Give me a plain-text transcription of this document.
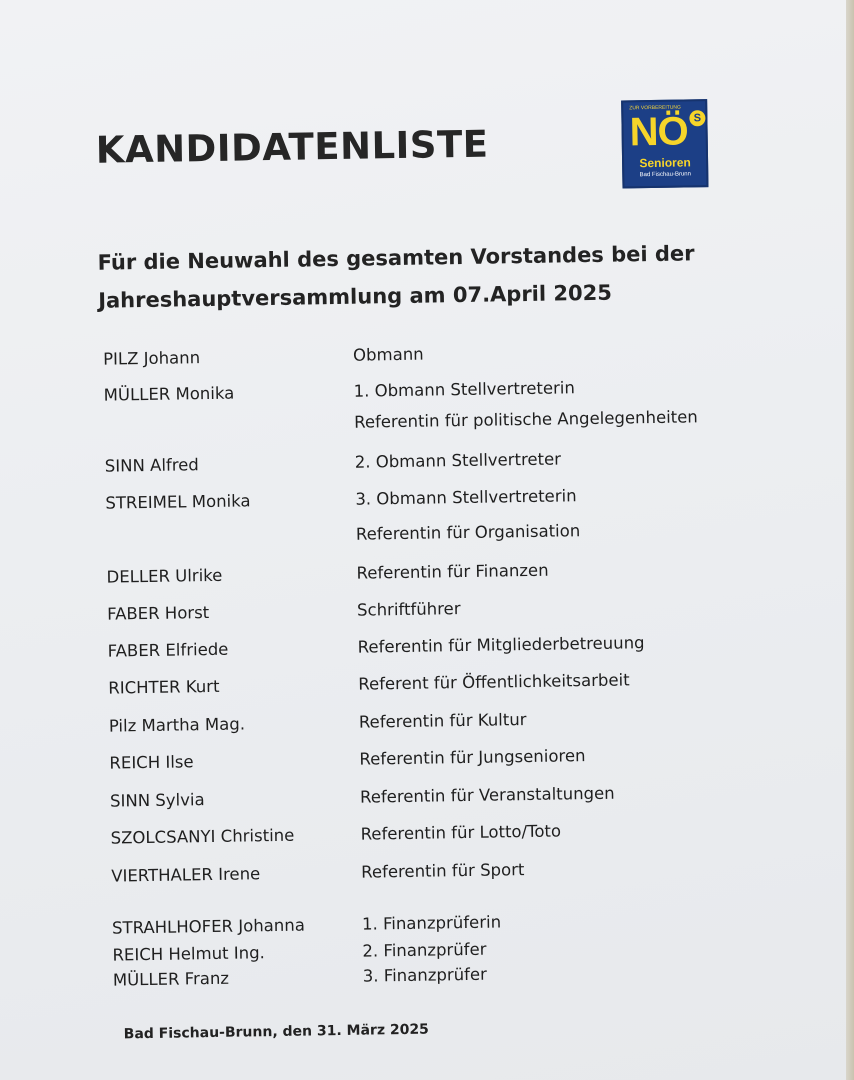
KANDIDATENLISTE
ZUR VORBEREITUNG
NÖ S
Senioren
Bad Fischau-Brunn
Für die Neuwahl des gesamten Vorstandes bei der
Jahreshauptversammlung am 07.April 2025
PILZ Johann	Obmann
MÜLLER Monika	1. Obmann Stellvertreterin
Referentin für politische Angelegenheiten
SINN Alfred	2. Obmann Stellvertreter
STREIMEL Monika	3. Obmann Stellvertreterin
Referentin für Organisation
DELLER Ulrike	Referentin für Finanzen
FABER Horst	Schriftführer
FABER Elfriede	Referentin für Mitgliederbetreuung
RICHTER Kurt	Referent für Öffentlichkeitsarbeit
Pilz Martha Mag.	Referentin für Kultur
REICH Ilse	Referentin für Jungsenioren
SINN Sylvia	Referentin für Veranstaltungen
SZOLCSANYI Christine	Referentin für Lotto/Toto
VIERTHALER Irene	Referentin für Sport
STRAHLHOFER Johanna	1. Finanzprüferin
REICH Helmut Ing.	2. Finanzprüfer
MÜLLER Franz	3. Finanzprüfer
Bad Fischau-Brunn, den 31. März 2025
